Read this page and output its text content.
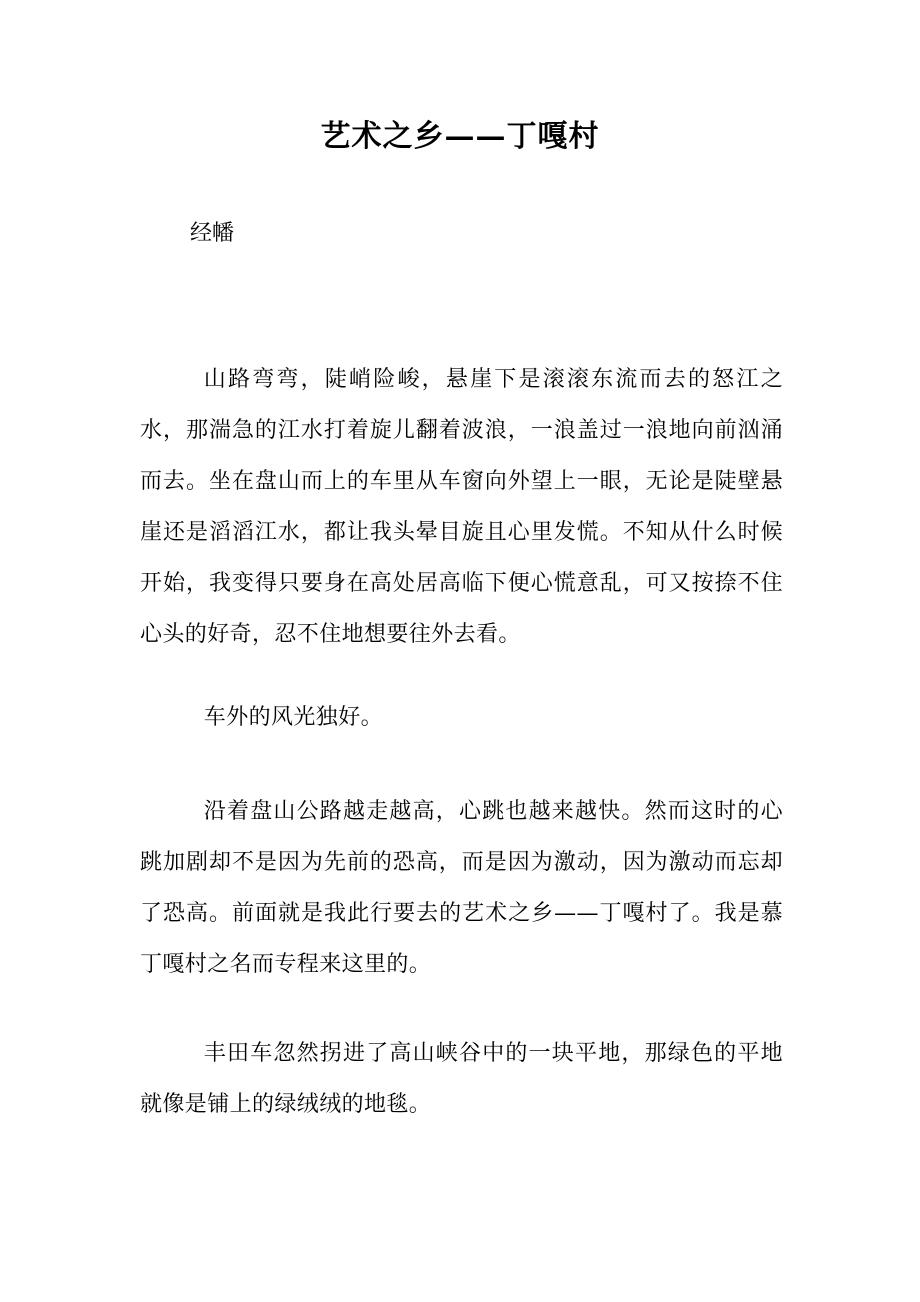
艺术之乡——丁嘎村
经幡

山路弯弯，陡峭险峻，悬崖下是滚滚东流而去的怒江之水，那湍急的江水打着旋儿翻着波浪，一浪盖过一浪地向前汹涌而去。坐在盘山而上的车里从车窗向外望上一眼，无论是陡壁悬崖还是滔滔江水，都让我头晕目旋且心里发慌。不知从什么时候开始，我变得只要身在高处居高临下便心慌意乱，可又按捺不住心头的好奇，忍不住地想要往外去看。

车外的风光独好。

沿着盘山公路越走越高，心跳也越来越快。然而这时的心跳加剧却不是因为先前的恐高，而是因为激动，因为激动而忘却了恐高。前面就是我此行要去的艺术之乡——丁嘎村了。我是慕丁嘎村之名而专程来这里的。

丰田车忽然拐进了高山峡谷中的一块平地，那绿色的平地就像是铺上的绿绒绒的地毯。
